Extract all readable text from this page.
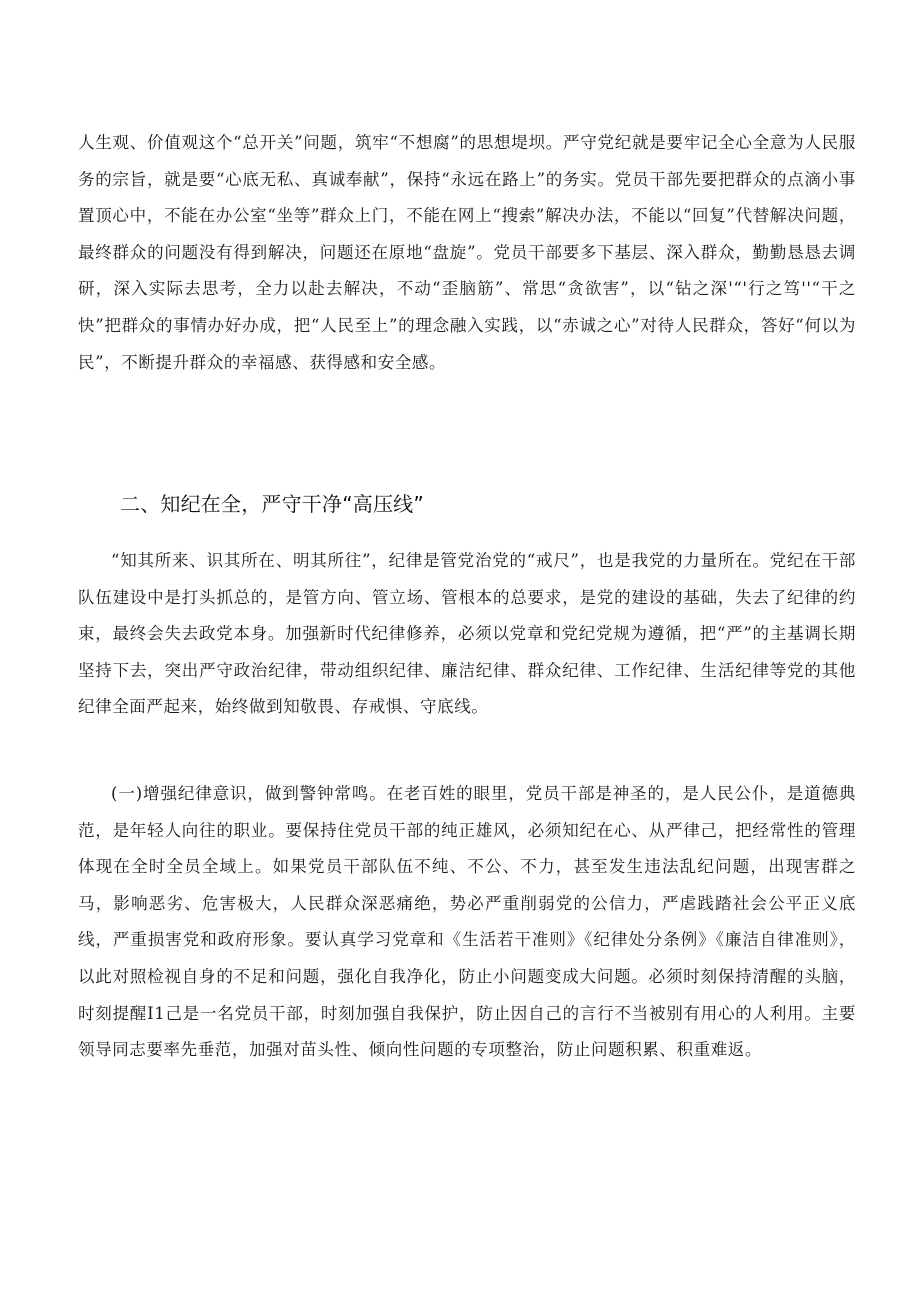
人生观、价值观这个“总开关”问题，筑牢“不想腐”的思想堤坝。严守党纪就是要牢记全心全意为人民服务的宗旨，就是要“心底无私、真诚奉献”，保持“永远在路上”的务实。党员干部先要把群众的点滴小事置顶心中，不能在办公室“坐等”群众上门，不能在网上“搜索”解决办法，不能以“回复”代替解决问题，最终群众的问题没有得到解决，问题还在原地“盘旋”。党员干部要多下基层、深入群众，勤勤恳恳去调研，深入实际去思考，全力以赴去解决，不动“歪脑筋”、常思“贪欲害”，以“钻之深'“'行之笃''“干之快”把群众的事情办好办成，把“人民至上”的理念融入实践，以“赤诚之心”对待人民群众，答好“何以为民”，不断提升群众的幸福感、获得感和安全感。

二、知纪在全，严守干净“高压线”

“知其所来、识其所在、明其所往”，纪律是管党治党的“戒尺”，也是我党的力量所在。党纪在干部队伍建设中是打头抓总的，是管方向、管立场、管根本的总要求，是党的建设的基础，失去了纪律的约束，最终会失去政党本身。加强新时代纪律修养，必须以党章和党纪党规为遵循，把“严”的主基调长期坚持下去，突出严守政治纪律，带动组织纪律、廉洁纪律、群众纪律、工作纪律、生活纪律等党的其他纪律全面严起来，始终做到知敬畏、存戒惧、守底线。

(一)增强纪律意识，做到警钟常鸣。在老百姓的眼里，党员干部是神圣的，是人民公仆，是道德典范，是年轻人向往的职业。要保持住党员干部的纯正雄风，必须知纪在心、从严律己，把经常性的管理体现在全时全员全域上。如果党员干部队伍不纯、不公、不力，甚至发生违法乱纪问题，出现害群之马，影响恶劣、危害极大，人民群众深恶痛绝，势必严重削弱党的公信力，严虐践踏社会公平正义底线，严重损害党和政府形象。要认真学习党章和《生活若干准则》《纪律处分条例》《廉洁自律准则》，以此对照检视自身的不足和问题，强化自我净化，防止小问题变成大问题。必须时刻保持清醒的头脑，时刻提醒I1己是一名党员干部，时刻加强自我保护，防止因自己的言行不当被别有用心的人利用。主要领导同志要率先垂范，加强对苗头性、倾向性问题的专项整治，防止问题积累、积重难返。
